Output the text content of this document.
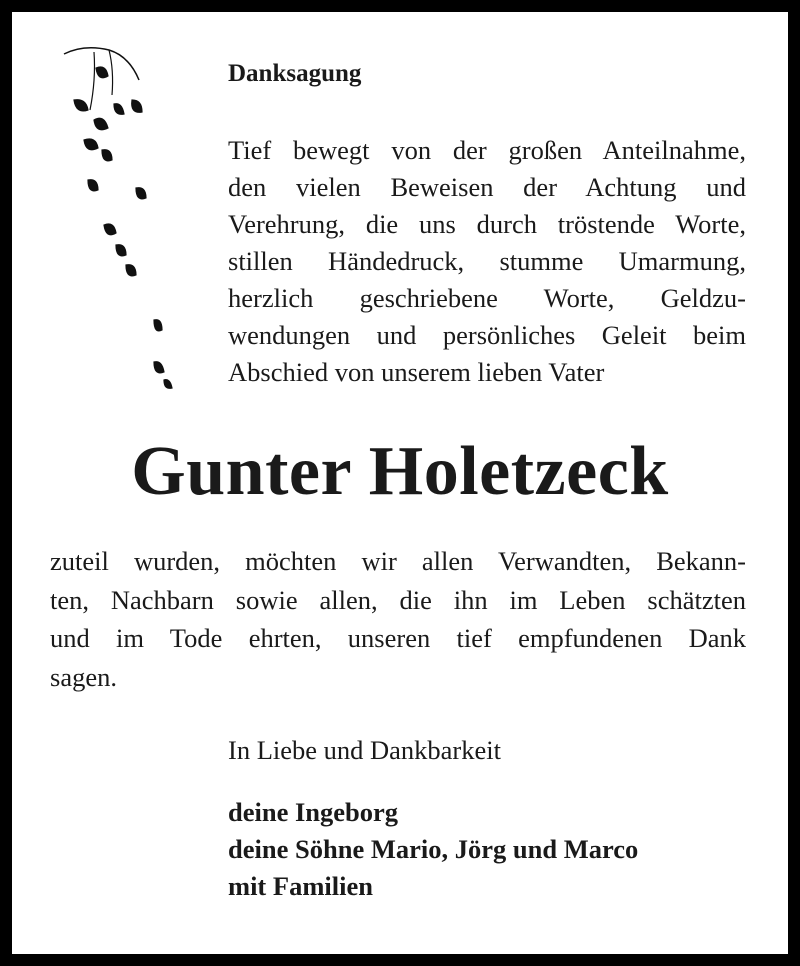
Danksagung

Tief bewegt von der großen Anteilnahme,
den vielen Beweisen der Achtung und
Verehrung, die uns durch tröstende Worte,
stillen Händedruck, stumme Umarmung,
herzlich geschriebene Worte, Geldzu-
wendungen und persönliches Geleit beim
Abschied von unserem lieben Vater

Gunter Holetzeck

zuteil wurden, möchten wir allen Verwandten, Bekann-
ten, Nachbarn sowie allen, die ihn im Leben schätzten
und im Tode ehrten, unseren tief empfundenen Dank
sagen.

In Liebe und Dankbarkeit

deine Ingeborg
deine Söhne Mario, Jörg und Marco
mit Familien
